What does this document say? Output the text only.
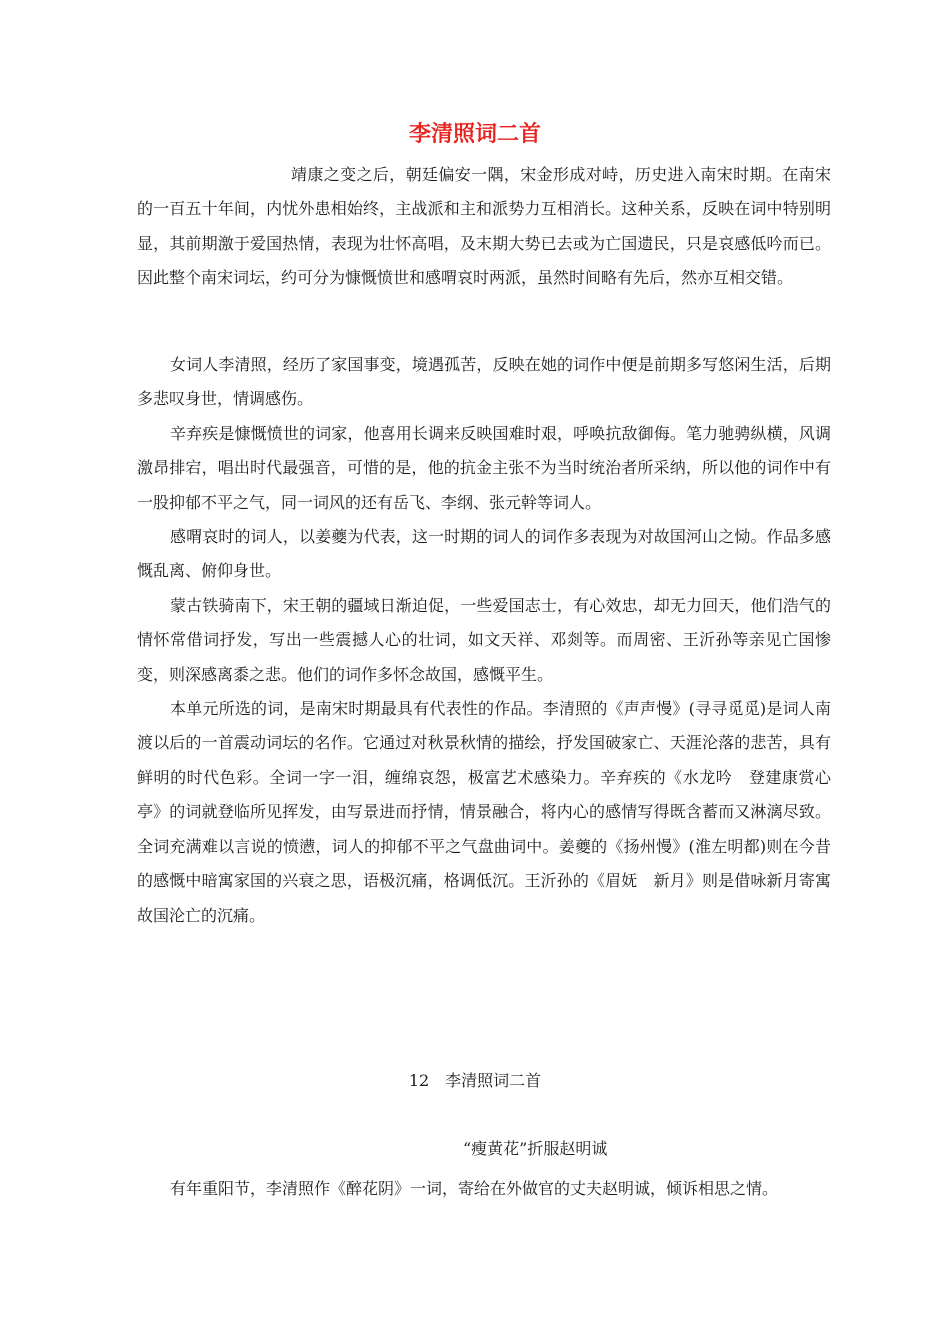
李清照词二首

靖康之变之后，朝廷偏安一隅，宋金形成对峙，历史进入南宋时期。在南宋的一百五十年间，内忧外患相始终，主战派和主和派势力互相消长。这种关系，反映在词中特别明显，其前期激于爱国热情，表现为壮怀高唱，及末期大势已去或为亡国遗民，只是哀感低吟而已。 因此整个南宋词坛，约可分为慷慨愤世和感喟哀时两派，虽然时间略有先后，然亦互相交错。

女词人李清照，经历了家国事变，境遇孤苦，反映在她的词作中便是前期多写悠闲生活，后期多悲叹身世，情调感伤。

辛弃疾是慷慨愤世的词家，他喜用长调来反映国难时艰，呼唤抗敌御侮。笔力驰骋纵横，风调激昂排宕，唱出时代最强音，可惜的是，他的抗金主张不为当时统治者所采纳，所以他的词作中有一股抑郁不平之气，同一词风的还有岳飞、李纲、张元幹等词人。

感喟哀时的词人，以姜夔为代表，这一时期的词人的词作多表现为对故国河山之恸。作品多感慨乱离、俯仰身世。

蒙古铁骑南下，宋王朝的疆域日渐迫促，一些爱国志士，有心效忠，却无力回天，他们浩气的情怀常借词抒发，写出一些震撼人心的壮词，如文天祥、邓剡等。而周密、王沂孙等亲见亡国惨变，则深感离黍之悲。他们的词作多怀念故国，感慨平生。

本单元所选的词，是南宋时期最具有代表性的作品。李清照的《声声慢》(寻寻觅觅)是词人南渡以后的一首震动词坛的名作。它通过对秋景秋情的描绘，抒发国破家亡、天涯沦落的悲苦，具有鲜明的时代色彩。全词一字一泪，缠绵哀怨，极富艺术感染力。辛弃疾的《水龙吟　登建康赏心亭》的词就登临所见挥发，由写景进而抒情，情景融合，将内心的感情写得既含蓄而又淋漓尽致。全词充满难以言说的愤懑，词人的抑郁不平之气盘曲词中。姜夔的《扬州慢》(淮左明都)则在今昔的感慨中暗寓家国的兴衰之思，语极沉痛，格调低沉。王沂孙的《眉妩　新月》则是借咏新月寄寓故国沦亡的沉痛。

12　李清照词二首

“瘦黄花”折服赵明诚

有年重阳节，李清照作《醉花阴》一词，寄给在外做官的丈夫赵明诚，倾诉相思之情。
